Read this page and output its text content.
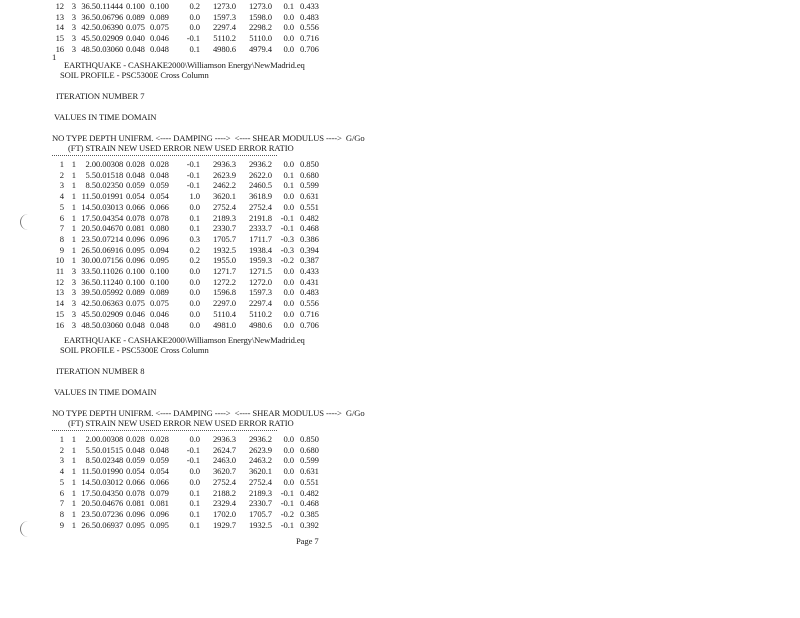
12 3 36.5 0.11444 0.100 0.100	0.2	1273.0	1273.0	0.1 0.433
13 3 36.5 0.06796 0.089 0.089	0.0	1597.3	1598.0	0.0 0.483
14 3 42.5 0.06390 0.075 0.075	0.0	2297.4	2298.2	0.0 0.556
15 3 45.5 0.02909 0.040 0.046	-0.1	5110.2	5110.0	0.0 0.716
16 3 48.5 0.03060 0.048 0.048	0.1	4980.6	4979.4	0.0 0.706
1
EARTHQUAKE - CASHAKE2000\Williamson Energy\NewMadrid.eq
SOIL PROFILE - PSC5300E Cross Column
ITERATION NUMBER 7
VALUES IN TIME DOMAIN
NO TYPE DEPTH UNIFRM. <---- DAMPING ---->  <---- SHEAR MODULUS ---->  G/Go
(FT) STRAIN NEW USED ERROR NEW USED ERROR RATIO
1 1	2.0 0.00308 0.028 0.028	-0.1	2936.3	2936.2	0.0 0.850
2 1	5.5 0.01518 0.048 0.048	-0.1	2623.9	2622.0	0.1 0.680
3 1	8.5 0.02350 0.059 0.059	-0.1	2462.2	2460.5	0.1 0.599
4 1 11.5 0.01991 0.054 0.054	1.0	3620.1	3618.9	0.0 0.631
5 1 14.5 0.03013 0.066 0.066	0.0	2752.4	2752.4	0.0 0.551
6 1 17.5 0.04354 0.078 0.078	0.1	2189.3	2191.8	-0.1 0.482
7 1 20.5 0.04670 0.081 0.080	0.1	2330.7	2333.7	-0.1 0.468
8 1 23.5 0.07214 0.096 0.096	0.3	1705.7	1711.7	-0.3 0.386
9 1 26.5 0.06916 0.095 0.094	0.2	1932.5	1938.4	-0.3 0.394
10 1 30.0 0.07156 0.096 0.095	0.2	1955.0	1959.3	-0.2 0.387
11 3 33.5 0.11026 0.100 0.100	0.0	1271.7	1271.5	0.0 0.433
12 3 36.5 0.11240 0.100 0.100	0.0	1272.2	1272.0	0.0 0.431
13 3 39.5 0.05992 0.089 0.089	0.0	1596.8	1597.3	0.0 0.483
14 3 42.5 0.06363 0.075 0.075	0.0	2297.0	2297.4	0.0 0.556
15 3 45.5 0.02909 0.046 0.046	0.0	5110.4	5110.2	0.0 0.716
16 3 48.5 0.03060 0.048 0.048	0.0	4981.0	4980.6	0.0 0.706
EARTHQUAKE - CASHAKE2000\Williamson Energy\NewMadrid.eq
SOIL PROFILE - PSC5300E Cross Column
ITERATION NUMBER 8
VALUES IN TIME DOMAIN
NO TYPE DEPTH UNIFRM. <---- DAMPING ---->  <---- SHEAR MODULUS ---->  G/Go
(FT) STRAIN NEW USED ERROR NEW USED ERROR RATIO
1 1	2.0 0.00308 0.028 0.028	0.0	2936.3	2936.2	0.0 0.850
2 1	5.5 0.01515 0.048 0.048	-0.1	2624.7	2623.9	0.0 0.680
3 1	8.5 0.02348 0.059 0.059	-0.1	2463.0	2463.2	0.0 0.599
4 1 11.5 0.01990 0.054 0.054	0.0	3620.7	3620.1	0.0 0.631
5 1 14.5 0.03012 0.066 0.066	0.0	2752.4	2752.4	0.0 0.551
6 1 17.5 0.04350 0.078 0.079	0.1	2188.2	2189.3	-0.1 0.482
7 1 20.5 0.04676 0.081 0.081	0.1	2329.4	2330.7	-0.1 0.468
8 1 23.5 0.07236 0.096 0.096	0.1	1702.0	1705.7	-0.2 0.385
9 1 26.5 0.06937 0.095 0.095	0.1	1929.7	1932.5	-0.1 0.392
Page 7
